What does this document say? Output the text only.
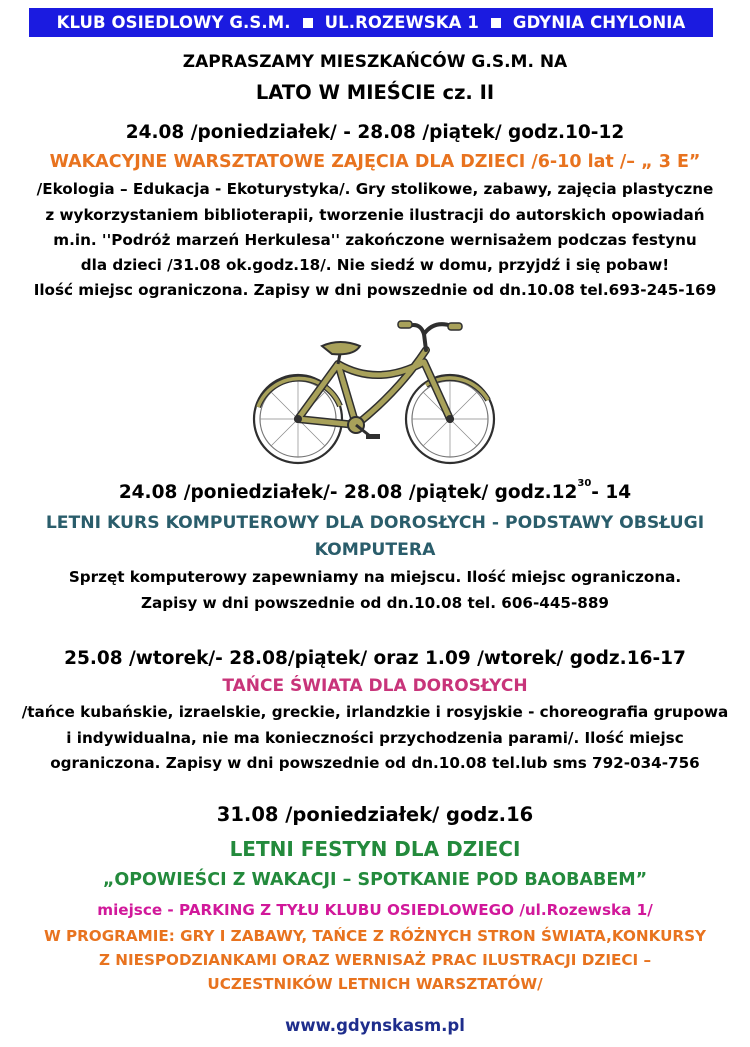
KLUB OSIEDLOWY G.S.M. UL.ROZEWSKA 1 GDYNIA CHYLONIA
ZAPRASZAMY MIESZKAŃCÓW G.S.M. NA
LATO W MIEŚCIE cz. II
24.08 /poniedziałek/ - 28.08 /piątek/ godz.10-12
WAKACYJNE WARSZTATOWE ZAJĘCIA DLA DZIECI /6-10 lat /– „ 3 E”
/Ekologia – Edukacja - Ekoturystyka/. Gry stolikowe, zabawy, zajęcia plastyczne
z wykorzystaniem biblioterapii, tworzenie ilustracji do autorskich opowiadań
m.in. ''Podróż marzeń Herkulesa'' zakończone wernisażem podczas festynu
dla dzieci /31.08 ok.godz.18/. Nie siedź w domu, przyjdź i się pobaw!
Ilość miejsc ograniczona. Zapisy w dni powszednie od dn.10.08 tel.693-245-169
24.08 /poniedziałek/- 28.08 /piątek/ $godz.12^{30}-$ 14
LETNI KURS KOMPUTEROWY DLA DOROSŁYCH - PODSTAWY OBSŁUGI
KOMPUTERA
Sprzęt komputerowy zapewniamy na miejscu. Ilość miejsc ograniczona.
Zapisy w dni powszednie od dn.10.08 tel. 606-445-889
25.08 /wtorek/- 28.08/piątek/ oraz 1.09 /wtorek/ godz.16-17
TAŃCE ŚWIATA DLA DOROSŁYCH
/tańce kubańskie, izraelskie, greckie, irlandzkie i rosyjskie - choreografia grupowa
i indywidualna, nie ma konieczności przychodzenia parami/. Ilość miejsc
ograniczona. Zapisy w dni powszednie od dn.10.08 tel.lub sms 792-034-756
31.08 /poniedziałek/ godz.16
LETNI FESTYN DLA DZIECI
„OPOWIEŚCI Z WAKACJI – SPOTKANIE POD BAOBABEM”
miejsce - PARKING Z TYŁU KLUBU OSIEDLOWEGO /ul.Rozewska 1/
W PROGRAMIE: GRY I ZABAWY, TAŃCE Z RÓŻNYCH STRON ŚWIATA,KONKURSY
Z NIESPODZIANKAMI ORAZ WERNISAŻ PRAC ILUSTRACJI DZIECI –
UCZESTNIKÓW LETNICH WARSZTATÓW/
www.gdynskasm.pl
